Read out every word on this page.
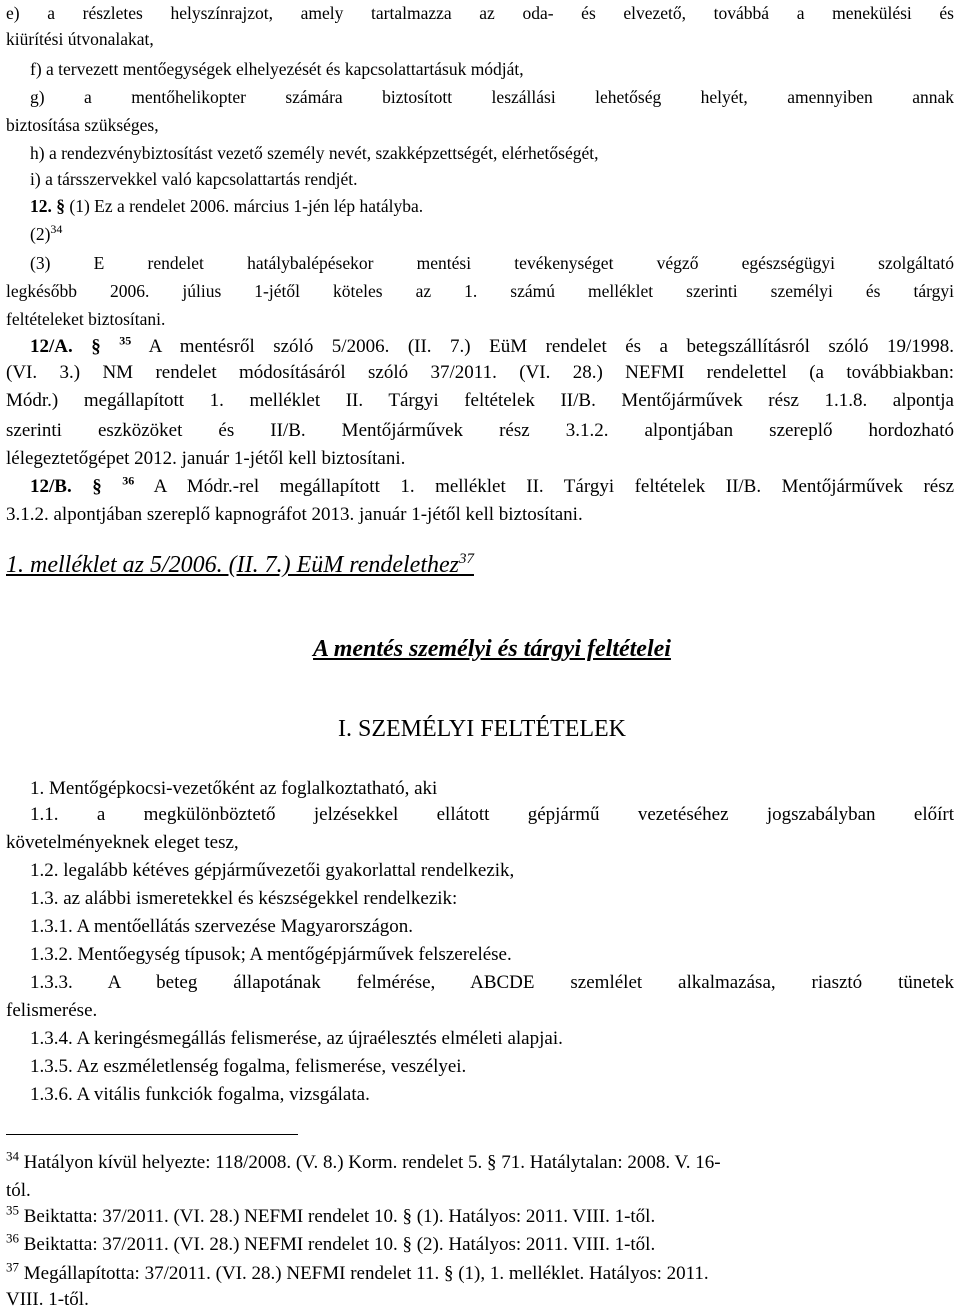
e) a részletes helyszínrajzot, amely tartalmazza az oda- és elvezető, továbbá a menekülési és
kiürítési útvonalakat,
f) a tervezett mentőegységek elhelyezését és kapcsolattartásuk módját,
g) a mentőhelikopter számára biztosított leszállási lehetőség helyét, amennyiben annak
biztosítása szükséges,
h) a rendezvénybiztosítást vezető személy nevét, szakképzettségét, elérhetőségét,
i) a társszervekkel való kapcsolattartás rendjét.
12. § (1) Ez a rendelet 2006. március 1-jén lép hatályba.
$(2)^{34}$
(3) E rendelet hatálybalépésekor mentési tevékenységet végző egészségügyi szolgáltató
legkésőbb 2006. július 1-jétől köteles az 1. számú melléklet szerinti személyi és tárgyi
feltételeket biztosítani.
12/A. § $^{35}$ A mentésről szóló 5/2006. (II. 7.) EüM rendelet és a betegszállításról szóló 19/1998.
(VI. 3.) NM rendelet módosításáról szóló 37/2011. (VI. 28.) NEFMI rendelettel (a továbbiakban:
Módr.) megállapított 1. melléklet II. Tárgyi feltételek II/B. Mentőjárművek rész 1.1.8. alpontja
szerinti eszközöket és II/B. Mentőjárművek rész 3.1.2. alpontjában szereplő hordozható
lélegeztetőgépet 2012. január 1-jétől kell biztosítani.
12/B. § $^{36}$ A Módr.-rel megállapított 1. melléklet II. Tárgyi feltételek II/B. Mentőjárművek rész
3.1.2. alpontjában szereplő kapnográfot 2013. január 1-jétől kell biztosítani.
1. melléklet az 5/2006. (II. 7.) EüM rendelethez$^{37}$
A mentés személyi és tárgyi feltételei
I. SZEMÉLYI FELTÉTELEK
1. Mentőgépkocsi-vezetőként az foglalkoztatható, aki
1.1. a megkülönböztető jelzésekkel ellátott gépjármű vezetéséhez jogszabályban előírt
követelményeknek eleget tesz,
1.2. legalább kétéves gépjárművezetői gyakorlattal rendelkezik,
1.3. az alábbi ismeretekkel és készségekkel rendelkezik:
1.3.1. A mentőellátás szervezése Magyarországon.
1.3.2. Mentőegység típusok; A mentőgépjárművek felszerelése.
1.3.3. A beteg állapotának felmérése, ABCDE szemlélet alkalmazása, riasztó tünetek
felismerése.
1.3.4. A keringésmegállás felismerése, az újraélesztés elméleti alapjai.
1.3.5. Az eszméletlenség fogalma, felismerése, veszélyei.
1.3.6. A vitális funkciók fogalma, vizsgálata.
$^{34}$ Hatályon kívül helyezte: 118/2008. (V. 8.) Korm. rendelet 5. § 71. Hatálytalan: 2008. V. 16-
tól.
$^{35}$ Beiktatta: 37/2011. (VI. 28.) NEFMI rendelet 10. § (1). Hatályos: 2011. VIII. 1-től.
$^{36}$ Beiktatta: 37/2011. (VI. 28.) NEFMI rendelet 10. § (2). Hatályos: 2011. VIII. 1-től.
$^{37}$ Megállapította: 37/2011. (VI. 28.) NEFMI rendelet 11. § (1), 1. melléklet. Hatályos: 2011.
VIII. 1-től.
